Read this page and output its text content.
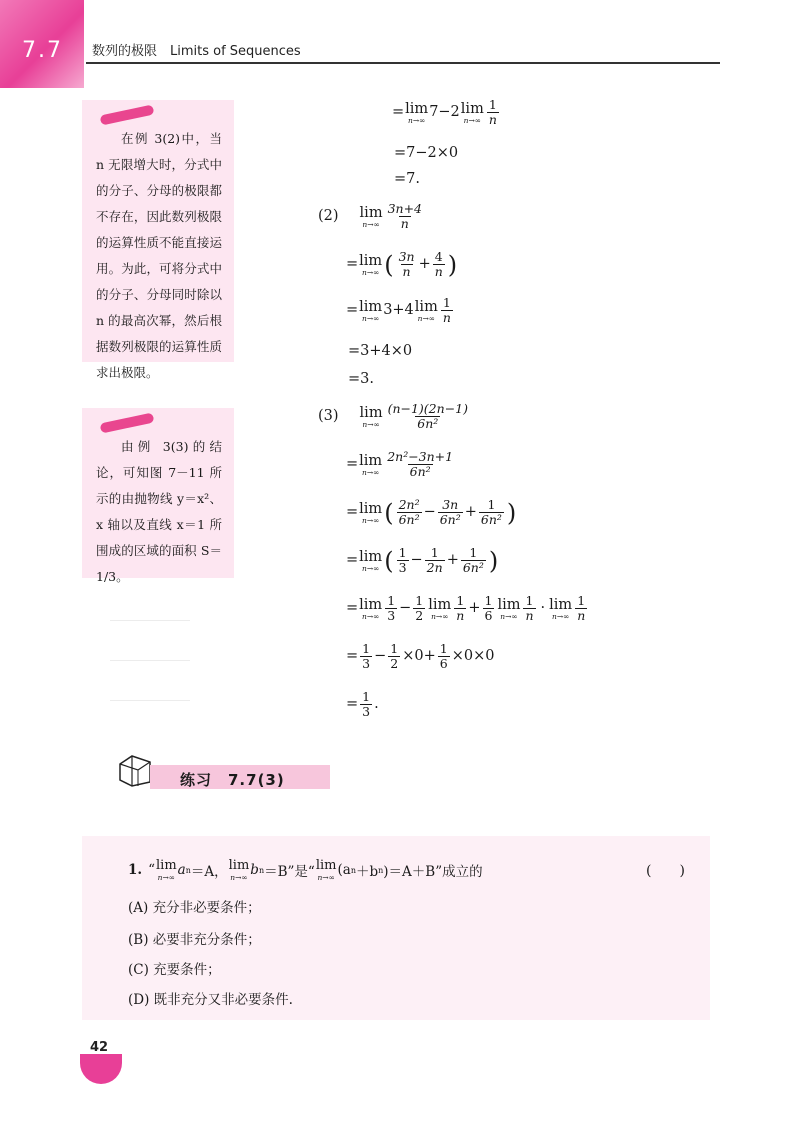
7.7 数列的极限　Limits of Sequences

在例 3(2)中，当 n 无限增大时，分式中的分子、分母的极限都不存在，因此数列极限的运算性质不能直接运用。为此，可将分式中的分子、分母同时除以 n 的最高次幂，然后根据数列极限的运算性质求出极限。

由例 3(3)的结论，可知图 7－11 所示的由抛物线 y＝x²、x 轴以及直线 x＝1 所围成的区域的面积 S＝1/3。

= lim
n→∞ 7−2 lim
$n\to\infty \frac{1}{n}$
=7−2×0
=7.
(2) lim
$n\to\infty \frac{3n+4}{n}$
= lim
n→∞ ( $\frac{3n}{n} + \frac{4}{n}$ )
= lim
n→∞ 3+4 lim
$n\to\infty \frac{1}{n}$
=3+4×0
=3.
(3) lim
$n\to\infty \frac{(n-1)(2n-1)}{\text{6n²}}$
= lim
$n\to\infty \frac{\text{2n²−3n+1}}{\text{6n²}}$
= lim
n→∞ ( $\frac{\text{2n²}}{\text{6n²}} - \frac{3n}{\text{6n²}} + \frac{1}{\text{6n²}}$ )
= lim
n→∞ ( $\frac{1}{3} - \frac{1}{2n} + \frac{1}{\text{6n²}}$ )
= lim
$n\to\infty \frac{1}{3} - \frac{1}{2}$ lim
$n\to\infty \frac{1}{n} + \frac{1}{6}$ lim
$n\to\infty \frac{1}{n} \cdot \lim$
$n\to\infty \frac{1}{n}$
= $\frac{1}{3} - \frac{1}{2} \times 0+ \frac{1}{6} \times 0\times 0$
= $\frac{1}{3}$ .
练习　7.7(3)
1. “ lim
n→∞ a n ＝A， lim
n→∞ b n ＝B”是“ lim
n→∞ (a n ＋b n )＝A＋B”成立的	(　　)
(A) 充分非必要条件；
(B) 必要非充分条件；
(C) 充要条件；
(D) 既非充分又非必要条件.
42
